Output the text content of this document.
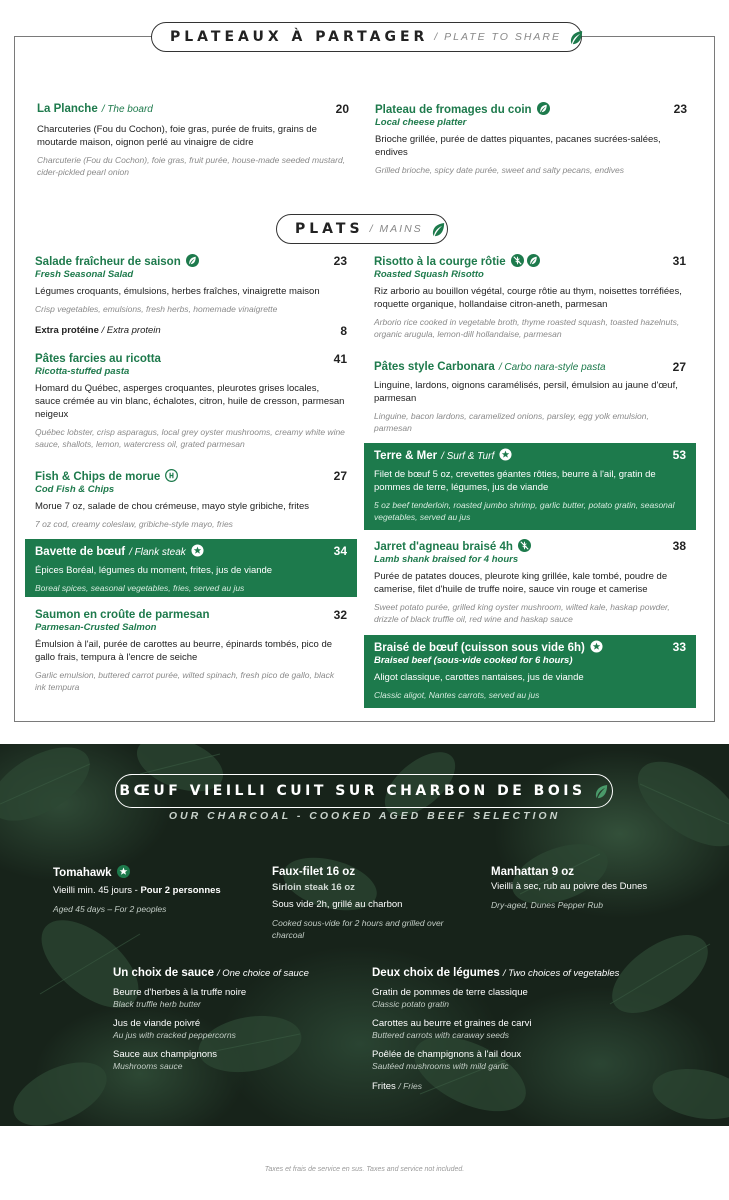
PLATEAUX À PARTAGER / PLATE TO SHARE
La Planche / The board	20
Charcuteries (Fou du Cochon), foie gras, purée de fruits, grains de moutarde maison, oignon perlé au vinaigre de cidre
Charcuterie (Fou du Cochon), foie gras, fruit purée, house-made seeded mustard, cider-pickled pearl onion
Plateau de fromages du coin	23
Local cheese platter
Brioche grillée, purée de dattes piquantes, pacanes sucrées-salées, endives
Grilled brioche, spicy date purée, sweet and salty pecans, endives
PLATS / MAINS
Salade fraîcheur de saison	23
Fresh Seasonal Salad
Légumes croquants, émulsions, herbes fraîches, vinaigrette maison
Crisp vegetables, emulsions, fresh herbs, homemade vinaigrette
Extra protéine / Extra protein	8
Pâtes farcies au ricotta	41
Ricotta-stuffed pasta
Homard du Québec, asperges croquantes, pleurotes grises locales, sauce crémée au vin blanc, échalotes, citron, huile de cresson, parmesan neigeux
Québec lobster, crisp asparagus, local grey oyster mushrooms, creamy white wine sauce, shallots, lemon, watercress oil, grated parmesan
Fish & Chips de morue	27
Cod Fish & Chips
Morue 7 oz, salade de chou crémeuse, mayo style gribiche, frites
7 oz cod, creamy coleslaw, gribiche-style mayo, fries
Bavette de bœuf / Flank steak	34
Épices Boréal, légumes du moment, frites, jus de viande
Boreal spices, seasonal vegetables, fries, served au jus
Saumon en croûte de parmesan	32
Parmesan-Crusted Salmon
Émulsion à l'ail, purée de carottes au beurre, épinards tombés, pico de gallo frais, tempura à l'encre de seiche
Garlic emulsion, buttered carrot purée, wilted spinach, fresh pico de gallo, black ink tempura
Risotto à la courge rôtie	31
Roasted Squash Risotto
Riz arborio au bouillon végétal, courge rôtie au thym, noisettes torréfiées, roquette organique, hollandaise citron-aneth, parmesan
Arborio rice cooked in vegetable broth, thyme roasted squash, toasted hazelnuts, organic arugula, lemon-dill hollandaise, parmesan
Pâtes style Carbonara / Carbo nara-style pasta	27
Linguine, lardons, oignons caramélisés, persil, émulsion au jaune d'œuf, parmesan
Linguine, bacon lardons, caramelized onions, parsley, egg yolk emulsion, parmesan
Terre & Mer / Surf & Turf	53
Filet de bœuf 5 oz, crevettes géantes rôties, beurre à l'ail, gratin de pommes de terre, légumes, jus de viande
5 oz beef tenderloin, roasted jumbo shrimp, garlic butter, potato gratin, seasonal vegetables, served au jus
Jarret d'agneau braisé 4h	38
Lamb shank braised for 4 hours
Purée de patates douces, pleurote king grillée, kale tombé, poudre de camerise, filet d'huile de truffe noire, sauce vin rouge et camerise
Sweet potato purée, grilled king oyster mushroom, wilted kale, haskap powder, drizzle of black truffle oil, red wine and haskap sauce
Braisé de bœuf (cuisson sous vide 6h)	33
Braised beef (sous-vide cooked for 6 hours)
Aligot classique, carottes nantaises, jus de viande
Classic aligot, Nantes carrots, served au jus
BŒUF VIEILLI CUIT SUR CHARBON DE BOIS
OUR CHARCOAL - COOKED AGED BEEF SELECTION
Tomahawk
Vieilli min. 45 jours - Pour 2 personnes
Aged 45 days – For 2 peoples
Faux-filet 16 oz
Sirloin steak 16 oz
Sous vide 2h, grillé au charbon
Cooked sous-vide for 2 hours and grilled over charcoal
Manhattan 9 oz
Vieilli à sec, rub au poivre des Dunes
Dry-aged, Dunes Pepper Rub
Un choix de sauce / One choice of sauce
Beurre d'herbes à la truffe noire
Black truffle herb butter
Jus de viande poivré
Au jus with cracked peppercorns
Sauce aux champignons
Mushrooms sauce
Deux choix de légumes / Two choices of vegetables
Gratin de pommes de terre classique
Classic potato gratin
Carottes au beurre et graines de carvi
Buttered carrots with caraway seeds
Poêlée de champignons à l'ail doux
Sautéed mushrooms with mild garlic
Frites / Fries
Taxes et frais de service en sus. Taxes and service not included.
